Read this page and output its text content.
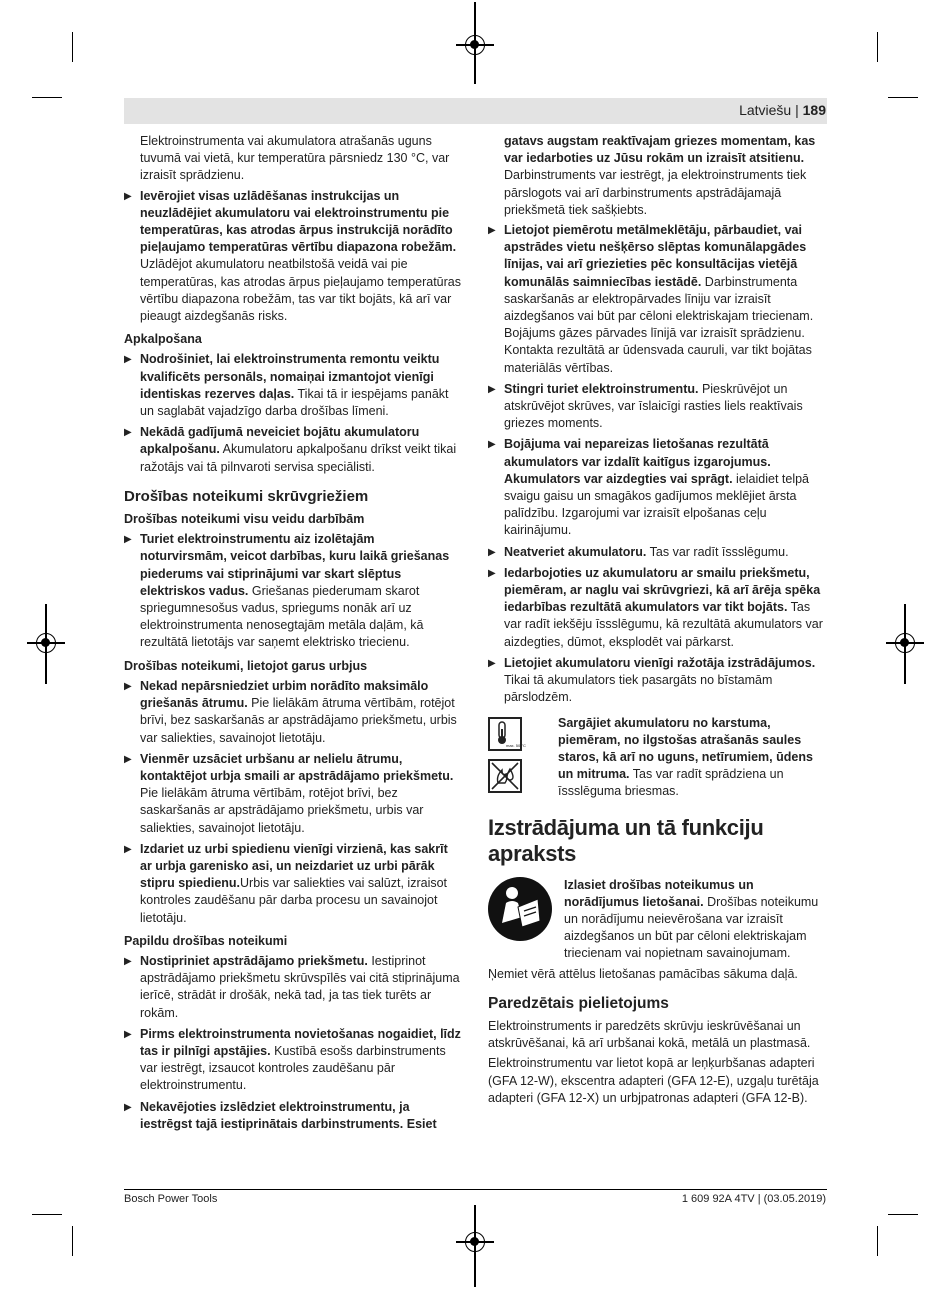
Latviešu | 189

Elektroinstrumenta vai akumulatora atrašanās uguns tuvumā vai vietā, kur temperatūra pārsniedz 130 °C, var izraisīt sprādzienu.

▶ Ievērojiet visas uzlādēšanas instrukcijas un neuzlādējiet akumulatoru vai elektroinstrumentu pie temperatūras, kas atrodas ārpus instrukcijā norādīto pieļaujamo temperatūras vērtību diapazona robežām. Uzlādējot akumulatoru neatbilstošā veidā vai pie temperatūras, kas atrodas ārpus pieļaujamo temperatūras vērtību diapazona robežām, tas var tikt bojāts, kā arī var pieaugt aizdegšanās risks.
Apkalpošana
▶ Nodrošiniet, lai elektroinstrumenta remontu veiktu kvalificēts personāls, nomaiņai izmantojot vienīgi identiskas rezerves daļas. Tikai tā ir iespējams panākt un saglabāt vajadzīgo darba drošības līmeni.
▶ Nekādā gadījumā neveiciet bojātu akumulatoru apkalpošanu. Akumulatoru apkalpošanu drīkst veikt tikai ražotājs vai tā pilnvaroti servisa speciālisti.
Drošības noteikumi skrūvgriežiem
Drošības noteikumi visu veidu darbībām
▶ Turiet elektroinstrumentu aiz izolētajām noturvirsmām, veicot darbības, kuru laikā griešanas piederums vai stiprinājumi var skart slēptus elektriskos vadus. Griešanas piederumam skarot spriegumnesošus vadus, spriegums nonāk arī uz elektroinstrumenta nenosegtajām metāla daļām, kā rezultātā lietotājs var saņemt elektrisko triecienu.
Drošības noteikumi, lietojot garus urbjus
▶ Nekad nepārsniedziet urbim norādīto maksimālo griešanās ātrumu. Pie lielākām ātruma vērtībām, rotējot brīvi, bez saskaršanās ar apstrādājamo priekšmetu, urbis var saliekties, savainojot lietotāju.
▶ Vienmēr uzsāciet urbšanu ar nelielu ātrumu, kontaktējot urbja smaili ar apstrādājamo priekšmetu. Pie lielākām ātruma vērtībām, rotējot brīvi, bez saskaršanās ar apstrādājamo priekšmetu, urbis var saliekties, savainojot lietotāju.
▶ Izdariet uz urbi spiedienu vienīgi virzienā, kas sakrīt ar urbja garenisko asi, un neizdariet uz urbi pārāk stipru spiedienu.Urbis var saliekties vai salūzt, izraisot kontroles zaudēšanu pār darba procesu un savainojot lietotāju.
Papildu drošības noteikumi
▶ Nostipriniet apstrādājamo priekšmetu. Iestiprinot apstrādājamo priekšmetu skrūvspīlēs vai citā stiprinājuma ierīcē, strādāt ir drošāk, nekā tad, ja tas tiek turēts ar rokām.
▶ Pirms elektroinstrumenta novietošanas nogaidiet, līdz tas ir pilnīgi apstājies. Kustībā esošs darbinstruments var iestrēgt, izsaucot kontroles zaudēšanu pār elektroinstrumentu.
▶ Nekavējoties izslēdziet elektroinstrumentu, ja iestrēgst tajā iestiprinātais darbinstruments. Esiet

gatavs augstam reaktīvajam griezes momentam, kas var iedarboties uz Jūsu rokām un izraisīt atsitienu. Darbinstruments var iestrēgt, ja elektroinstruments tiek pārslogots vai arī darbinstruments apstrādājamajā priekšmetā tiek sašķiebts.

▶ Lietojot piemērotu metālmeklētāju, pārbaudiet, vai apstrādes vietu nešķērso slēptas komunālapgādes līnijas, vai arī griezieties pēc konsultācijas vietējā komunālās saimniecības iestādē. Darbinstrumenta saskaršanās ar elektropārvades līniju var izraisīt aizdegšanos vai būt par cēloni elektriskajam triecienam. Bojājums gāzes pārvades līnijā var izraisīt sprādzienu. Kontakta rezultātā ar ūdensvada cauruli, var tikt bojātas materiālās vērtības.
▶ Stingri turiet elektroinstrumentu. Pieskrūvējot un atskrūvējot skrūves, var īslaicīgi rasties liels reaktīvais griezes moments.
▶ Bojājuma vai nepareizas lietošanas rezultātā akumulators var izdalīt kaitīgus izgarojumus. Akumulators var aizdegties vai sprāgt. ielaidiet telpā svaigu gaisu un smagākos gadījumos meklējiet ārsta palīdzību. Izgarojumi var izraisīt elpošanas ceļu kairinājumu.
▶ Neatveriet akumulatoru. Tas var radīt īssslēgumu.
▶ Iedarbojoties uz akumulatoru ar smailu priekšmetu, piemēram, ar naglu vai skrūvgriezi, kā arī ārēja spēka iedarbības rezultātā akumulators var tikt bojāts. Tas var radīt iekšēju īssslēgumu, kā rezultātā akumulators var aizdegties, dūmot, eksplodēt vai pārkarst.
▶ Lietojiet akumulatoru vienīgi ražotāja izstrādājumos. Tikai tā akumulators tiek pasargāts no bīstamām pārslodzēm.
max. 50 °C

Sargājiet akumulatoru no karstuma, piemēram, no ilgstošas atrašanās saules staros, kā arī no uguns, netīrumiem, ūdens un mitruma. Tas var radīt sprādziena un īssslēguma briesmas.

Izstrādājuma un tā funkciju apraksts

Izlasiet drošības noteikumus un norādījumus lietošanai. Drošības noteikumu un norādījumu neievērošana var izraisīt aizdegšanos un būt par cēloni elektriskajam triecienam vai nopietnam savainojumam.

Ņemiet vērā attēlus lietošanas pamācības sākuma daļā.

Paredzētais pielietojums

Elektroinstruments ir paredzēts skrūvju ieskrūvēšanai un atskrūvēšanai, kā arī urbšanai kokā, metālā un plastmasā.

Elektroinstrumentu var lietot kopā ar leņķurbšanas adapteri (GFA 12-W), ekscentra adapteri (GFA 12-E), uzgaļu turētāja adapteri (GFA 12-X) un urbjpatronas adapteri (GFA 12-B).

Bosch Power Tools	1 609 92A 4TV | (03.05.2019)
